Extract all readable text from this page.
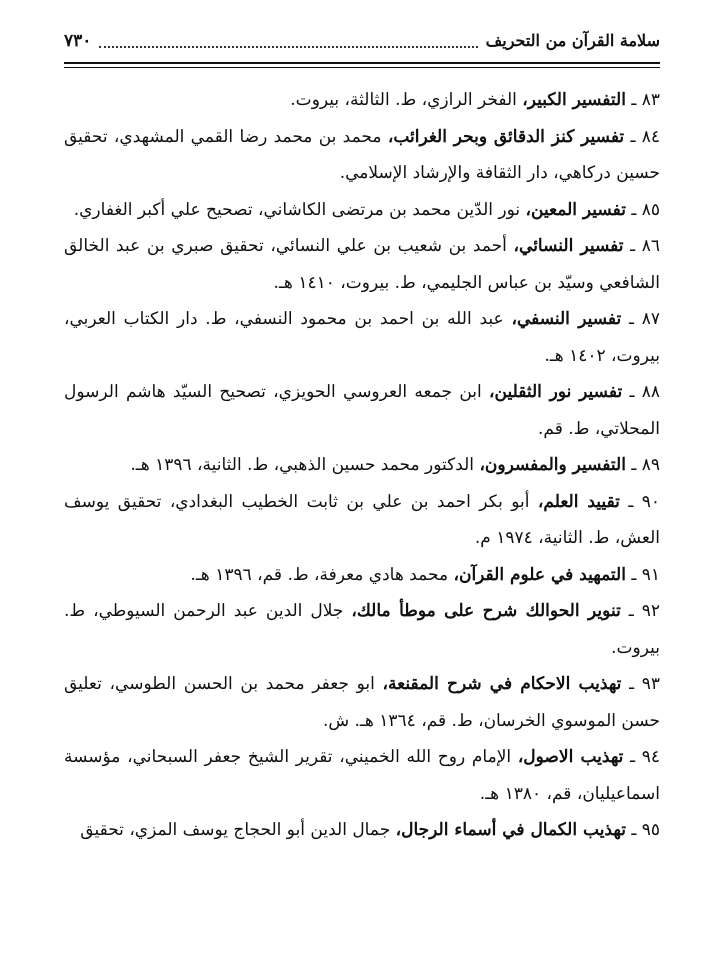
سلامة القرآن من التحريف
٧٣٠
٨٣ ـ التفسير الكبير، الفخر الرازي، ط. الثالثة، بيروت.
٨٤ ـ تفسير كنز الدقائق وبحر الغرائب، محمد بن محمد رضا القمي المشهدي، تحقيق حسين دركاهي، دار الثقافة والإرشاد الإسلامي.
٨٥ ـ تفسير المعين، نور الدّين محمد بن مرتضى الكاشاني، تصحيح علي أكبر الغفاري.
٨٦ ـ تفسير النسائي، أحمد بن شعيب بن علي النسائي، تحقيق صبري بن عبد الخالق الشافعي وسيّد بن عباس الجليمي، ط. بيروت، ١٤١٠ هـ.
٨٧ ـ تفسير النسفي، عبد الله بن احمد بن محمود النسفي، ط. دار الكتاب العربي، بيروت، ١٤٠٢ هـ.
٨٨ ـ تفسير نور الثقلين، ابن جمعه العروسي الحويزي، تصحيح السيّد هاشم الرسول المحلاتي، ط. قم.
٨٩ ـ التفسير والمفسرون، الدكتور محمد حسين الذهبي، ط. الثانية، ١٣٩٦ هـ.
٩٠ ـ تقييد العلم، أبو بكر احمد بن علي بن ثابت الخطيب البغدادي، تحقيق يوسف العش، ط. الثانية، ١٩٧٤ م.
٩١ ـ التمهيد في علوم القرآن، محمد هادي معرفة، ط. قم، ١٣٩٦ هـ.
٩٢ ـ تنوير الحوالك شرح على موطأ مالك، جلال الدين عبد الرحمن السيوطي، ط. بيروت.
٩٣ ـ تهذيب الاحكام في شرح المقنعة، ابو جعفر محمد بن الحسن الطوسي، تعليق حسن الموسوي الخرسان، ط. قم، ١٣٦٤ هـ. ش.
٩٤ ـ تهذيب الاصول، الإمام روح الله الخميني، تقرير الشيخ جعفر السبحاني، مؤسسة اسماعيليان، قم، ١٣٨٠ هـ.
٩٥ ـ تهذيب الكمال في أسماء الرجال، جمال الدين أبو الحجاج يوسف المزي، تحقيق
